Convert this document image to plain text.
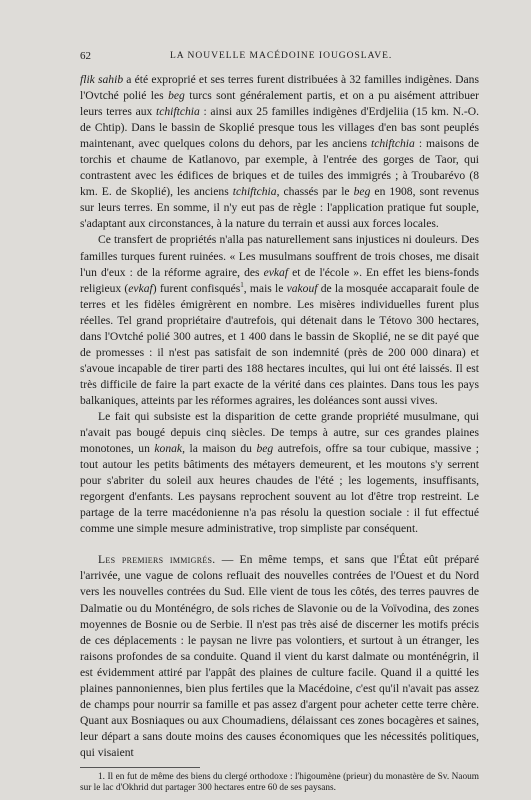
62	LA NOUVELLE MACÉDOINE IOUGOSLAVE.

flik sahib a été exproprié et ses terres furent distribuées à 32 familles indigènes. Dans l'Ovtché polié les beg turcs sont généralement partis, et on a pu aisément attribuer leurs terres aux tchiftchia : ainsi aux 25 familles indigènes d'Erdjeliia (15 km. N.-O. de Chtip). Dans le bassin de Skoplié presque tous les villages d'en bas sont peuplés maintenant, avec quelques colons du dehors, par les anciens tchiftchia : maisons de torchis et chaume de Katlanovo, par exemple, à l'entrée des gorges de Taor, qui contrastent avec les édifices de briques et de tuiles des immigrés ; à Troubarévo (8 km. E. de Skoplié), les anciens tchiftchia, chassés par le beg en 1908, sont revenus sur leurs terres. En somme, il n'y eut pas de règle : l'application pratique fut souple, s'adaptant aux circonstances, à la nature du terrain et aussi aux forces locales.

Ce transfert de propriétés n'alla pas naturellement sans injustices ni douleurs. Des familles turques furent ruinées. « Les musulmans souffrent de trois choses, me disait l'un d'eux : de la réforme agraire, des evkaf et de l'école ». En effet les biens-fonds religieux (evkaf) furent confisqués$^1$, mais le vakouf de la mosquée accaparait foule de terres et les fidèles émigrèrent en nombre. Les misères individuelles furent plus réelles. Tel grand propriétaire d'autrefois, qui détenait dans le Tétovo 300 hectares, dans l'Ovtché polié 300 autres, et 1 400 dans le bassin de Skoplié, ne se dit payé que de promesses : il n'est pas satisfait de son indemnité (près de 200 000 dinara) et s'avoue incapable de tirer parti des 188 hectares incultes, qui lui ont été laissés. Il est très difficile de faire la part exacte de la vérité dans ces plaintes. Dans tous les pays balkaniques, atteints par les réformes agraires, les doléances sont aussi vives.

Le fait qui subsiste est la disparition de cette grande propriété musulmane, qui n'avait pas bougé depuis cinq siècles. De temps à autre, sur ces grandes plaines monotones, un konak, la maison du beg autrefois, offre sa tour cubique, massive ; tout autour les petits bâtiments des métayers demeurent, et les moutons s'y serrent pour s'abriter du soleil aux heures chaudes de l'été ; les logements, insuffisants, regorgent d'enfants. Les paysans reprochent souvent au lot d'être trop restreint. Le partage de la terre macédonienne n'a pas résolu la question sociale : il fut effectué comme une simple mesure administrative, trop simpliste par conséquent.

Les premiers immigrés. — En même temps, et sans que l'État eût préparé l'arrivée, une vague de colons refluait des nouvelles contrées de l'Ouest et du Nord vers les nouvelles contrées du Sud. Elle vient de tous les côtés, des terres pauvres de Dalmatie ou du Monténégro, de sols riches de Slavonie ou de la Voïvodina, des zones moyennes de Bosnie ou de Serbie. Il n'est pas très aisé de discerner les motifs précis de ces déplacements : le paysan ne livre pas volontiers, et surtout à un étranger, les raisons profondes de sa conduite. Quand il vient du karst dalmate ou monténégrin, il est évidemment attiré par l'appât des plaines de culture facile. Quand il a quitté les plaines pannoniennes, bien plus fertiles que la Macédoine, c'est qu'il n'avait pas assez de champs pour nourrir sa famille et pas assez d'argent pour acheter cette terre chère. Quant aux Bosniaques ou aux Choumadiens, délaissant ces zones bocagères et saines, leur départ a sans doute moins des causes économiques que les nécessités politiques, qui visaient

1. Il en fut de même des biens du clergé orthodoxe : l'higoumène (prieur) du monastère de Sv. Naoum sur le lac d'Okhrid dut partager 300 hectares entre 60 de ses paysans.
